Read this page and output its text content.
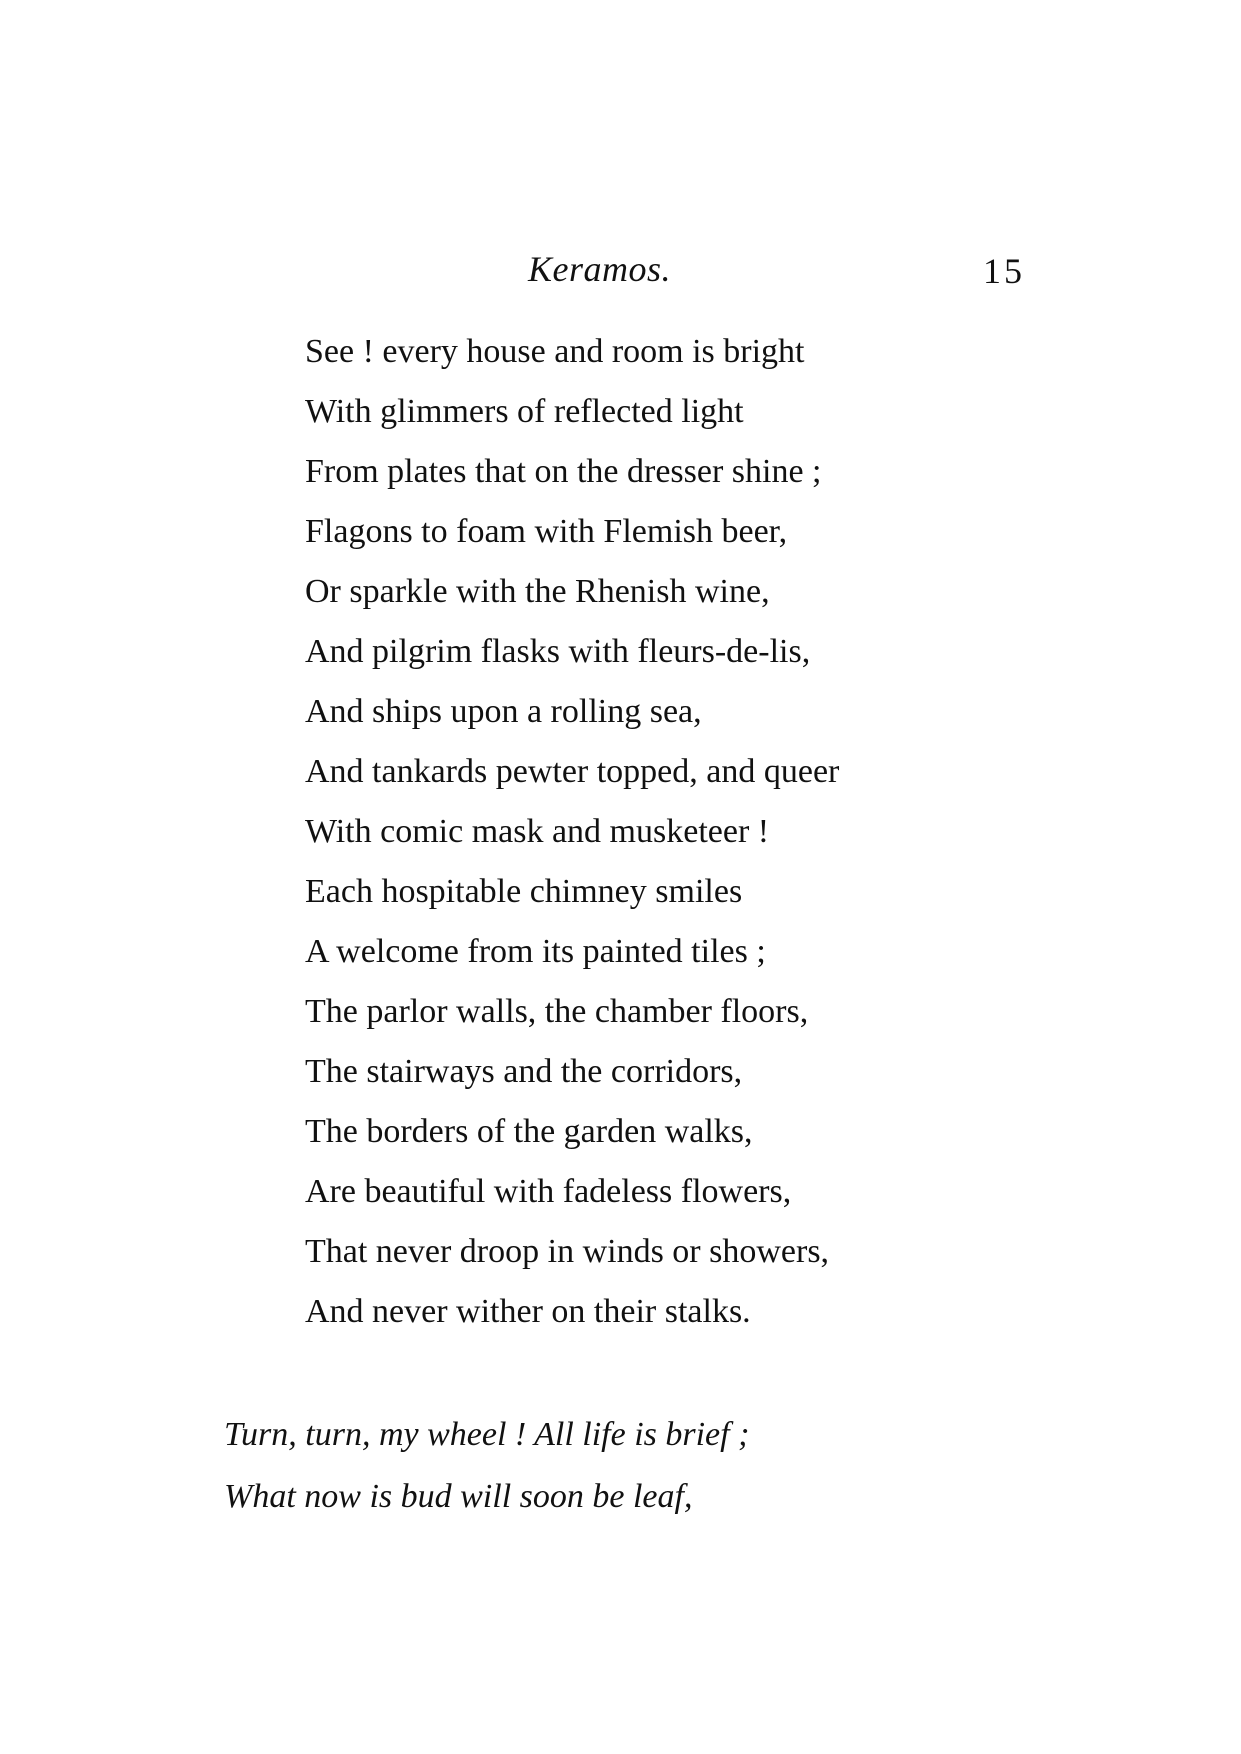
Keramos.	15
See ! every house and room is bright
With glimmers of reflected light
From plates that on the dresser shine ;
Flagons to foam with Flemish beer,
Or sparkle with the Rhenish wine,
And pilgrim flasks with fleurs-de-lis,
And ships upon a rolling sea,
And tankards pewter topped, and queer
With comic mask and musketeer !
Each hospitable chimney smiles
A welcome from its painted tiles ;
The parlor walls, the chamber floors,
The stairways and the corridors,
The borders of the garden walks,
Are beautiful with fadeless flowers,
That never droop in winds or showers,
And never wither on their stalks.
Turn, turn, my wheel ! All life is brief ;
What now is bud will soon be leaf,
